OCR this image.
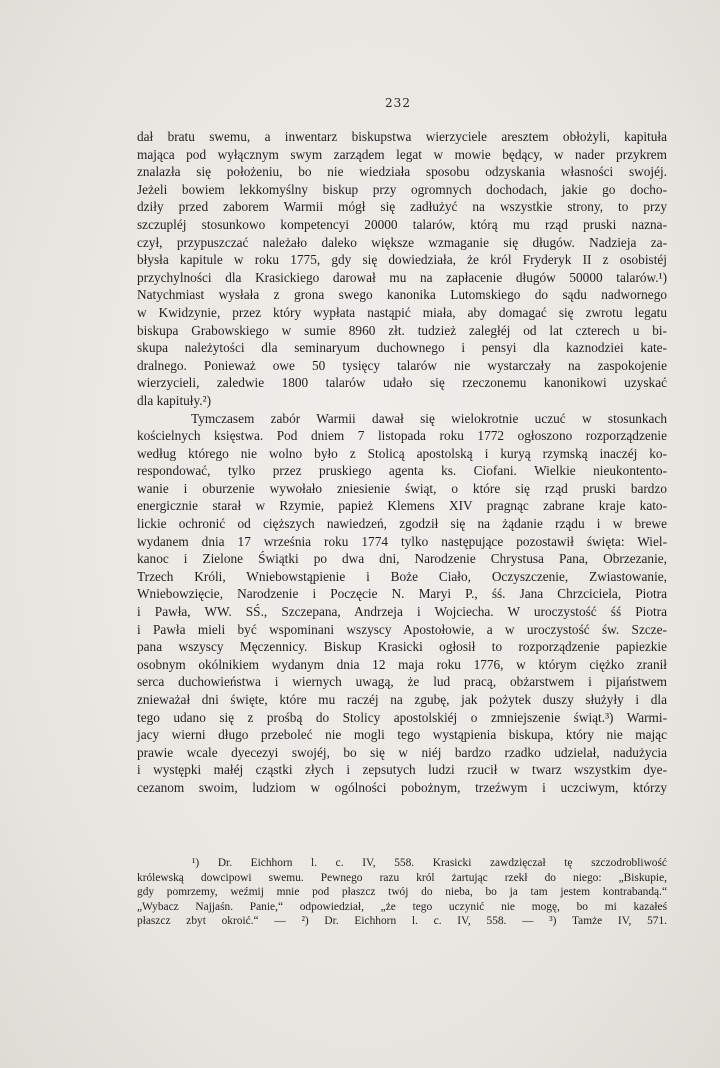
232
dał bratu swemu, a inwentarz biskupstwa wierzyciele aresztem obłożyli, kapituła
mająca pod wyłącznym swym zarządem legat w mowie będący, w nader przykrem
znalazła się położeniu, bo nie wiedziała sposobu odzyskania własności swojéj.
Jeżeli bowiem lekkomyślny biskup przy ogromnych dochodach, jakie go docho-
dziły przed zaborem Warmii mógł się zadłużyć na wszystkie strony, to przy
szczupléj stosunkowo kompetencyi 20000 talarów, którą mu rząd pruski nazna-
czył, przypuszczać należało daleko większe wzmaganie się długów. Nadzieja za-
błysła kapitule w roku 1775, gdy się dowiedziała, że król Fryderyk II z osobistéj
przychylności dla Krasickiego darował mu na zapłacenie długów 50000 talarów.¹)
Natychmiast wysłała z grona swego kanonika Lutomskiego do sądu nadwornego
w Kwidzynie, przez który wypłata nastąpić miała, aby domagać się zwrotu legatu
biskupa Grabowskiego w sumie 8960 złt. tudzież zaległéj od lat czterech u bi-
skupa należytości dla seminaryum duchownego i pensyi dla kaznodziei kate-
dralnego. Ponieważ owe 50 tysięcy talarów nie wystarczały na zaspokojenie
wierzycieli, zaledwie 1800 talarów udało się rzeczonemu kanonikowi uzyskać
dla kapituły.²)
Tymczasem zabór Warmii dawał się wielokrotnie uczuć w stosunkach
kościelnych księstwa. Pod dniem 7 listopada roku 1772 ogłoszono rozporządzenie
według którego nie wolno było z Stolicą apostolską i kuryą rzymską inaczéj ko-
respondować, tylko przez pruskiego agenta ks. Ciofani. Wielkie nieukontento-
wanie i oburzenie wywołało zniesienie świąt, o które się rząd pruski bardzo
energicznie starał w Rzymie, papież Klemens XIV pragnąc zabrane kraje kato-
lickie ochronić od cięższych nawiedzeń, zgodził się na żądanie rządu i w brewe
wydanem dnia 17 września roku 1774 tylko następujące pozostawił święta: Wiel-
kanoc i Zielone Świątki po dwa dni, Narodzenie Chrystusa Pana, Obrzezanie,
Trzech Króli, Wniebowstąpienie i Boże Ciało, Oczyszczenie, Zwiastowanie,
Wniebowzięcie, Narodzenie i Poczęcie N. Maryi P., śś. Jana Chrzciciela, Piotra
i Pawła, WW. SŚ., Szczepana, Andrzeja i Wojciecha. W uroczystość śś Piotra
i Pawła mieli być wspominani wszyscy Apostołowie, a w uroczystość św. Szcze-
pana wszyscy Męczennicy. Biskup Krasicki ogłosił to rozporządzenie papiezkie
osobnym okólnikiem wydanym dnia 12 maja roku 1776, w którym ciężko zranił
serca duchowieństwa i wiernych uwagą, że lud pracą, obżarstwem i pijaństwem
znieważał dni święte, które mu raczéj na zgubę, jak pożytek duszy służyły i dla
tego udano się z prośbą do Stolicy apostolskiéj o zmniejszenie świąt.³) Warmi-
jacy wierni długo przeboleć nie mogli tego wystąpienia biskupa, który nie mając
prawie wcale dyecezyi swojéj, bo się w niéj bardzo rzadko udzielał, nadużycia
i występki małéj cząstki złych i zepsutych ludzi rzucił w twarz wszystkim dye-
cezanom swoim, ludziom w ogólności pobożnym, trzeźwym i uczciwym, którzy
¹) Dr. Eichhorn l. c. IV, 558. Krasicki zawdzięczał tę szczodrobliwość
królewską dowcipowi swemu. Pewnego razu król żartując rzekł do niego: „Biskupie,
gdy pomrzemy, weźmij mnie pod płaszcz twój do nieba, bo ja tam jestem kontrabandą.“
„Wybacz Najjaśn. Panie,“ odpowiedział, „że tego uczynić nie mogę, bo mi kazałeś
płaszcz zbyt okroić.“ — ²) Dr. Eichhorn l. c. IV, 558. — ³) Tamże IV, 571.
